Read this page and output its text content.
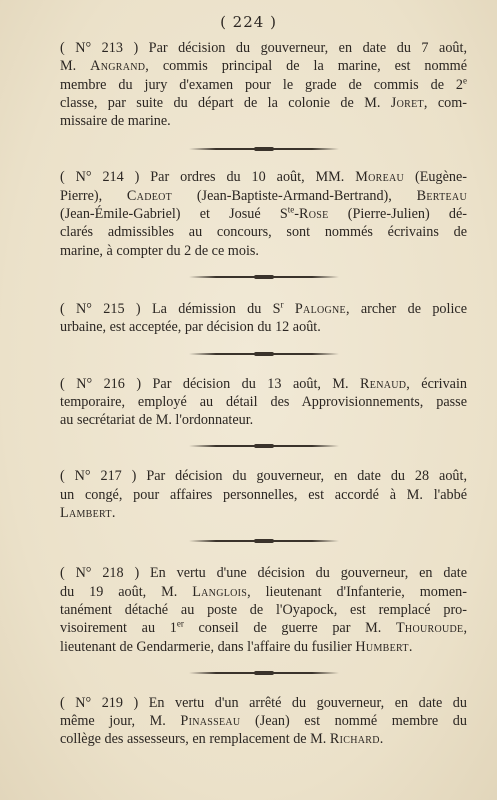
( 224 )
( N° 213 ) Par décision du gouverneur, en date du 7 août,
M. Angrand, commis principal de la marine, est nommé
membre du jury d'examen pour le grade de commis de 2e
classe, par suite du départ de la colonie de M. Joret, com-
missaire de marine.
( N° 214 ) Par ordres du 10 août, MM. Moreau (Eugène-
Pierre), Cadeot (Jean-Baptiste-Armand-Bertrand), Berteau
(Jean-Émile-Gabriel) et Josué $S^{te}$-Rose (Pierre-Julien) dé-
clarés admissibles au concours, sont nommés écrivains de
marine, à compter du 2 de ce mois.
( N° 215 ) La démission du $S^r$ Palogne, archer de police
urbaine, est acceptée, par décision du 12 août.
( N° 216 ) Par décision du 13 août, M. Renaud, écrivain
temporaire, employé au détail des Approvisionnements, passe
au secrétariat de M. l'ordonnateur.
( N° 217 ) Par décision du gouverneur, en date du 28 août,
un congé, pour affaires personnelles, est accordé à M. l'abbé
Lambert.
( N° 218 ) En vertu d'une décision du gouverneur, en date
du 19 août, M. Langlois, lieutenant d'Infanterie, momen-
tanément détaché au poste de l'Oyapock, est remplacé pro-
visoirement au 1er conseil de guerre par M. Thouroude,
lieutenant de Gendarmerie, dans l'affaire du fusilier Humbert.
( N° 219 ) En vertu d'un arrêté du gouverneur, en date du
même jour, M. Pinasseau (Jean) est nommé membre du
collège des assesseurs, en remplacement de M. Richard.
